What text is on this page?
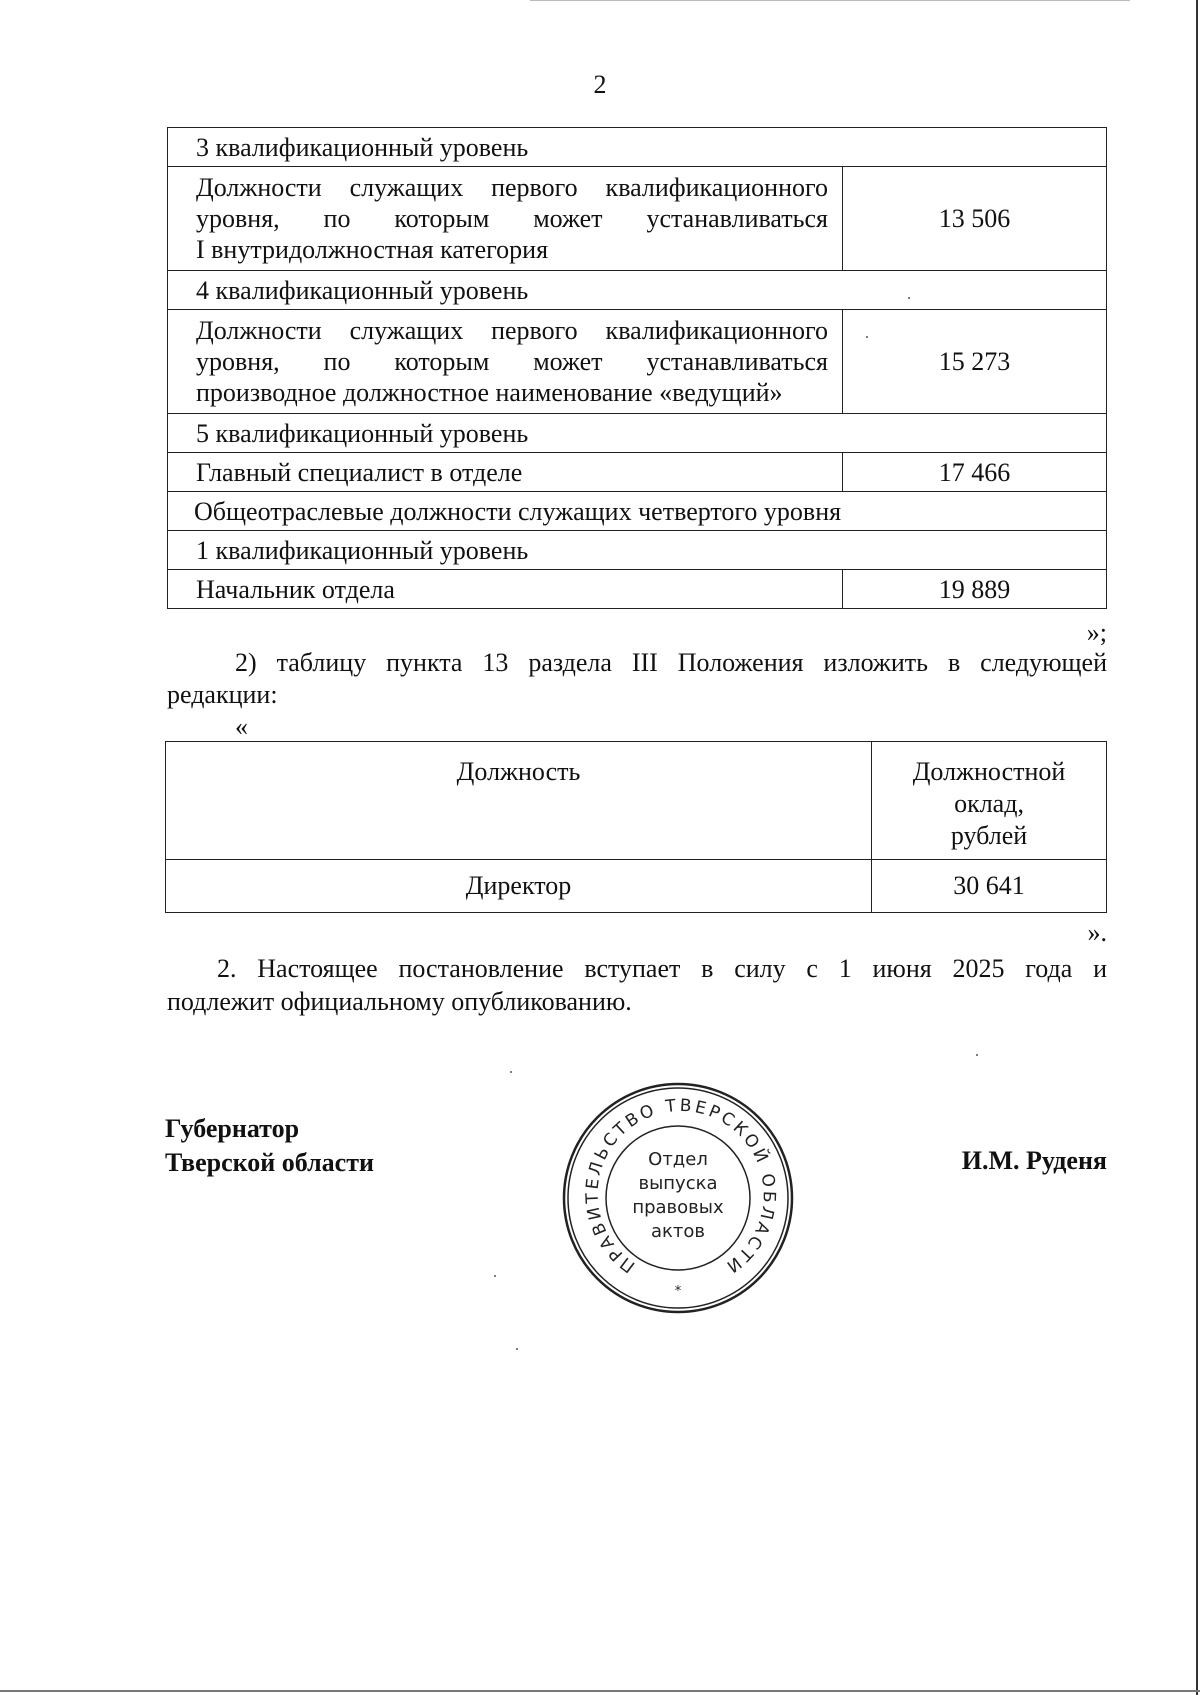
2
3 квалификационный уровень	
Должности служащих первого квалификационного уровня, по которым может устанавливаться
I внутридолжностная категория	13 506
4 квалификационный уровень	
Должности служащих первого квалификационного уровня, по которым может устанавливаться
производное должностное наименование «ведущий»	15 273
5 квалификационный уровень	
Главный специалист в отделе	17 466
Общеотраслевые должности служащих четвертого уровня	
1 квалификационный уровень	
Начальник отдела	19 889
»;
2) таблицу пункта 13 раздела III Положения изложить в следующей
редакции:
«
Должность	Должностной
оклад,
рублей

Директор	30 641
».
2. Настоящее постановление вступает в силу с 1 июня 2025 года и
подлежит официальному опубликованию.
Губернатор
Тверской области	И.М. Руденя
ПРАВИТЕЛЬСТВО ТВЕРСКОЙ ОБЛАСТИ
Отдел
выпуска
правовых
актов
*
